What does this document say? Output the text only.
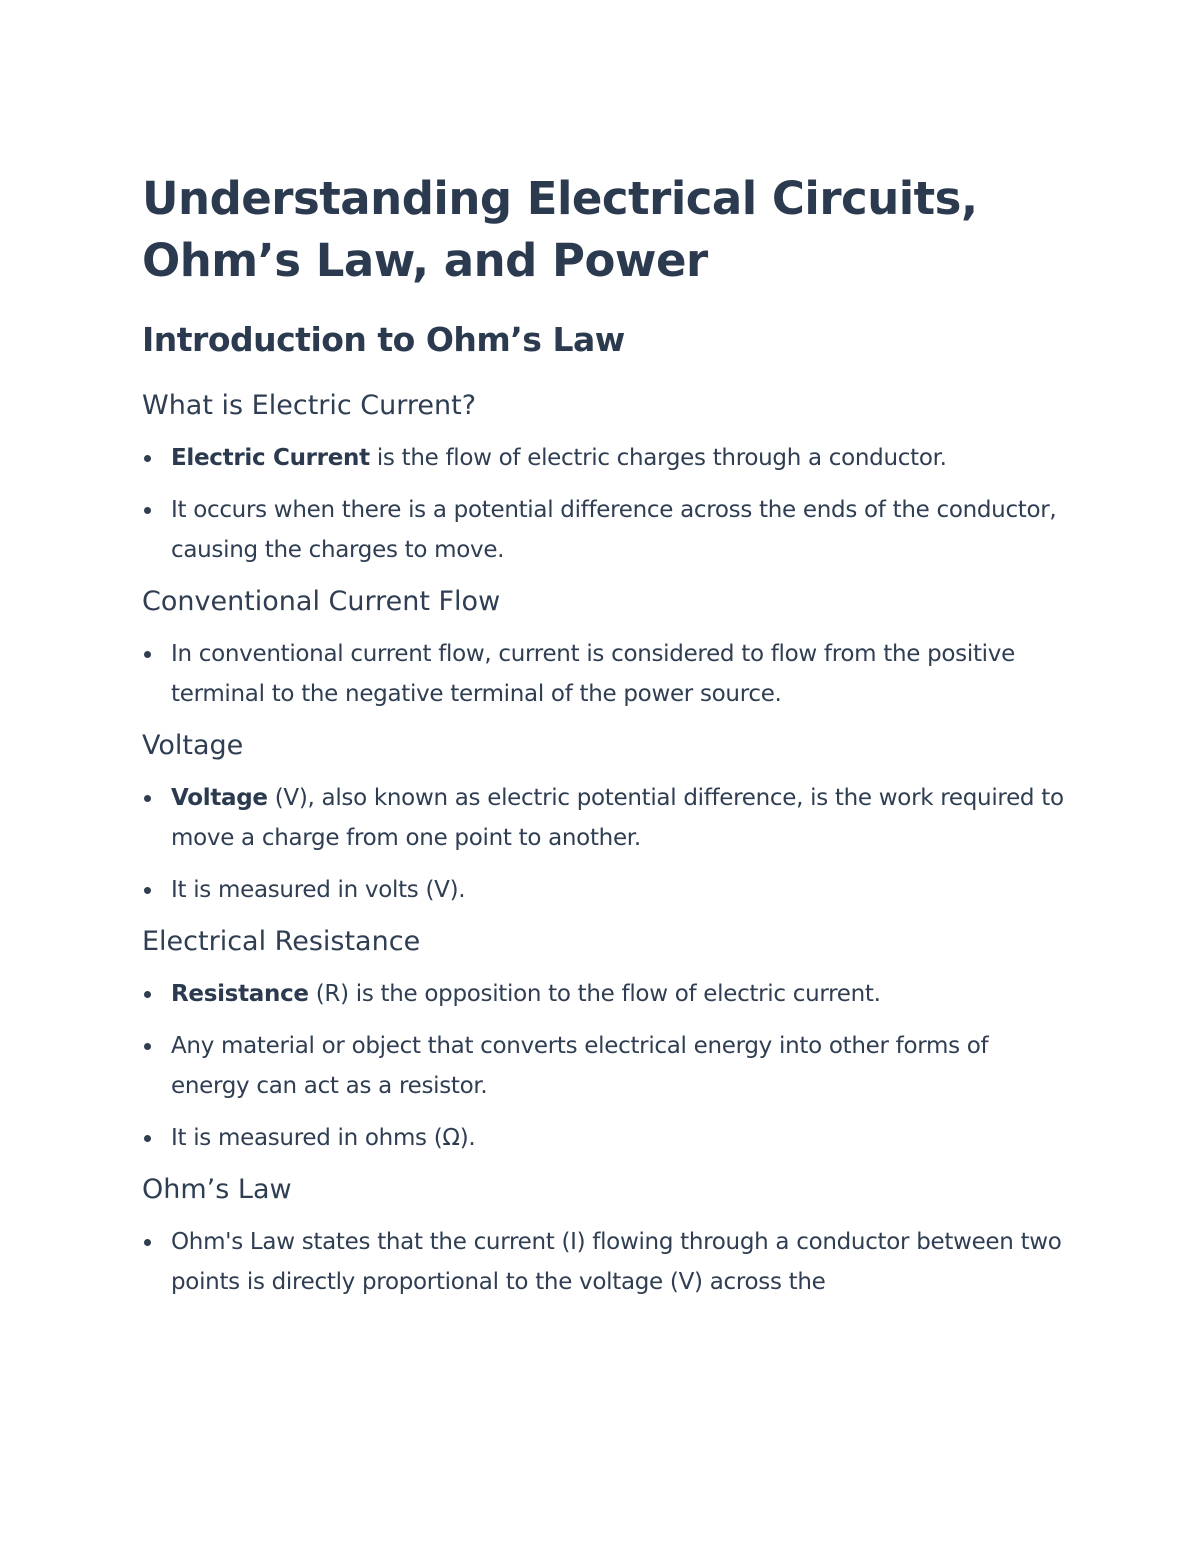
Understanding Electrical Circuits,
Ohm’s Law, and Power
Introduction to Ohm’s Law
What is Electric Current?
Electric Current is the flow of electric charges through a conductor.
It occurs when there is a potential difference across the ends of the conductor, causing the charges to move.
Conventional Current Flow
In conventional current flow, current is considered to flow from the positive terminal to the negative terminal of the power source.
Voltage
Voltage (V), also known as electric potential difference, is the work required to move a charge from one point to another.
It is measured in volts (V).
Electrical Resistance
Resistance (R) is the opposition to the flow of electric current.
Any material or object that converts electrical energy into other forms of energy can act as a resistor.
It is measured in ohms (Ω).
Ohm’s Law
Ohm's Law states that the current (I) flowing through a conductor between two points is directly proportional to the voltage (V) across the
